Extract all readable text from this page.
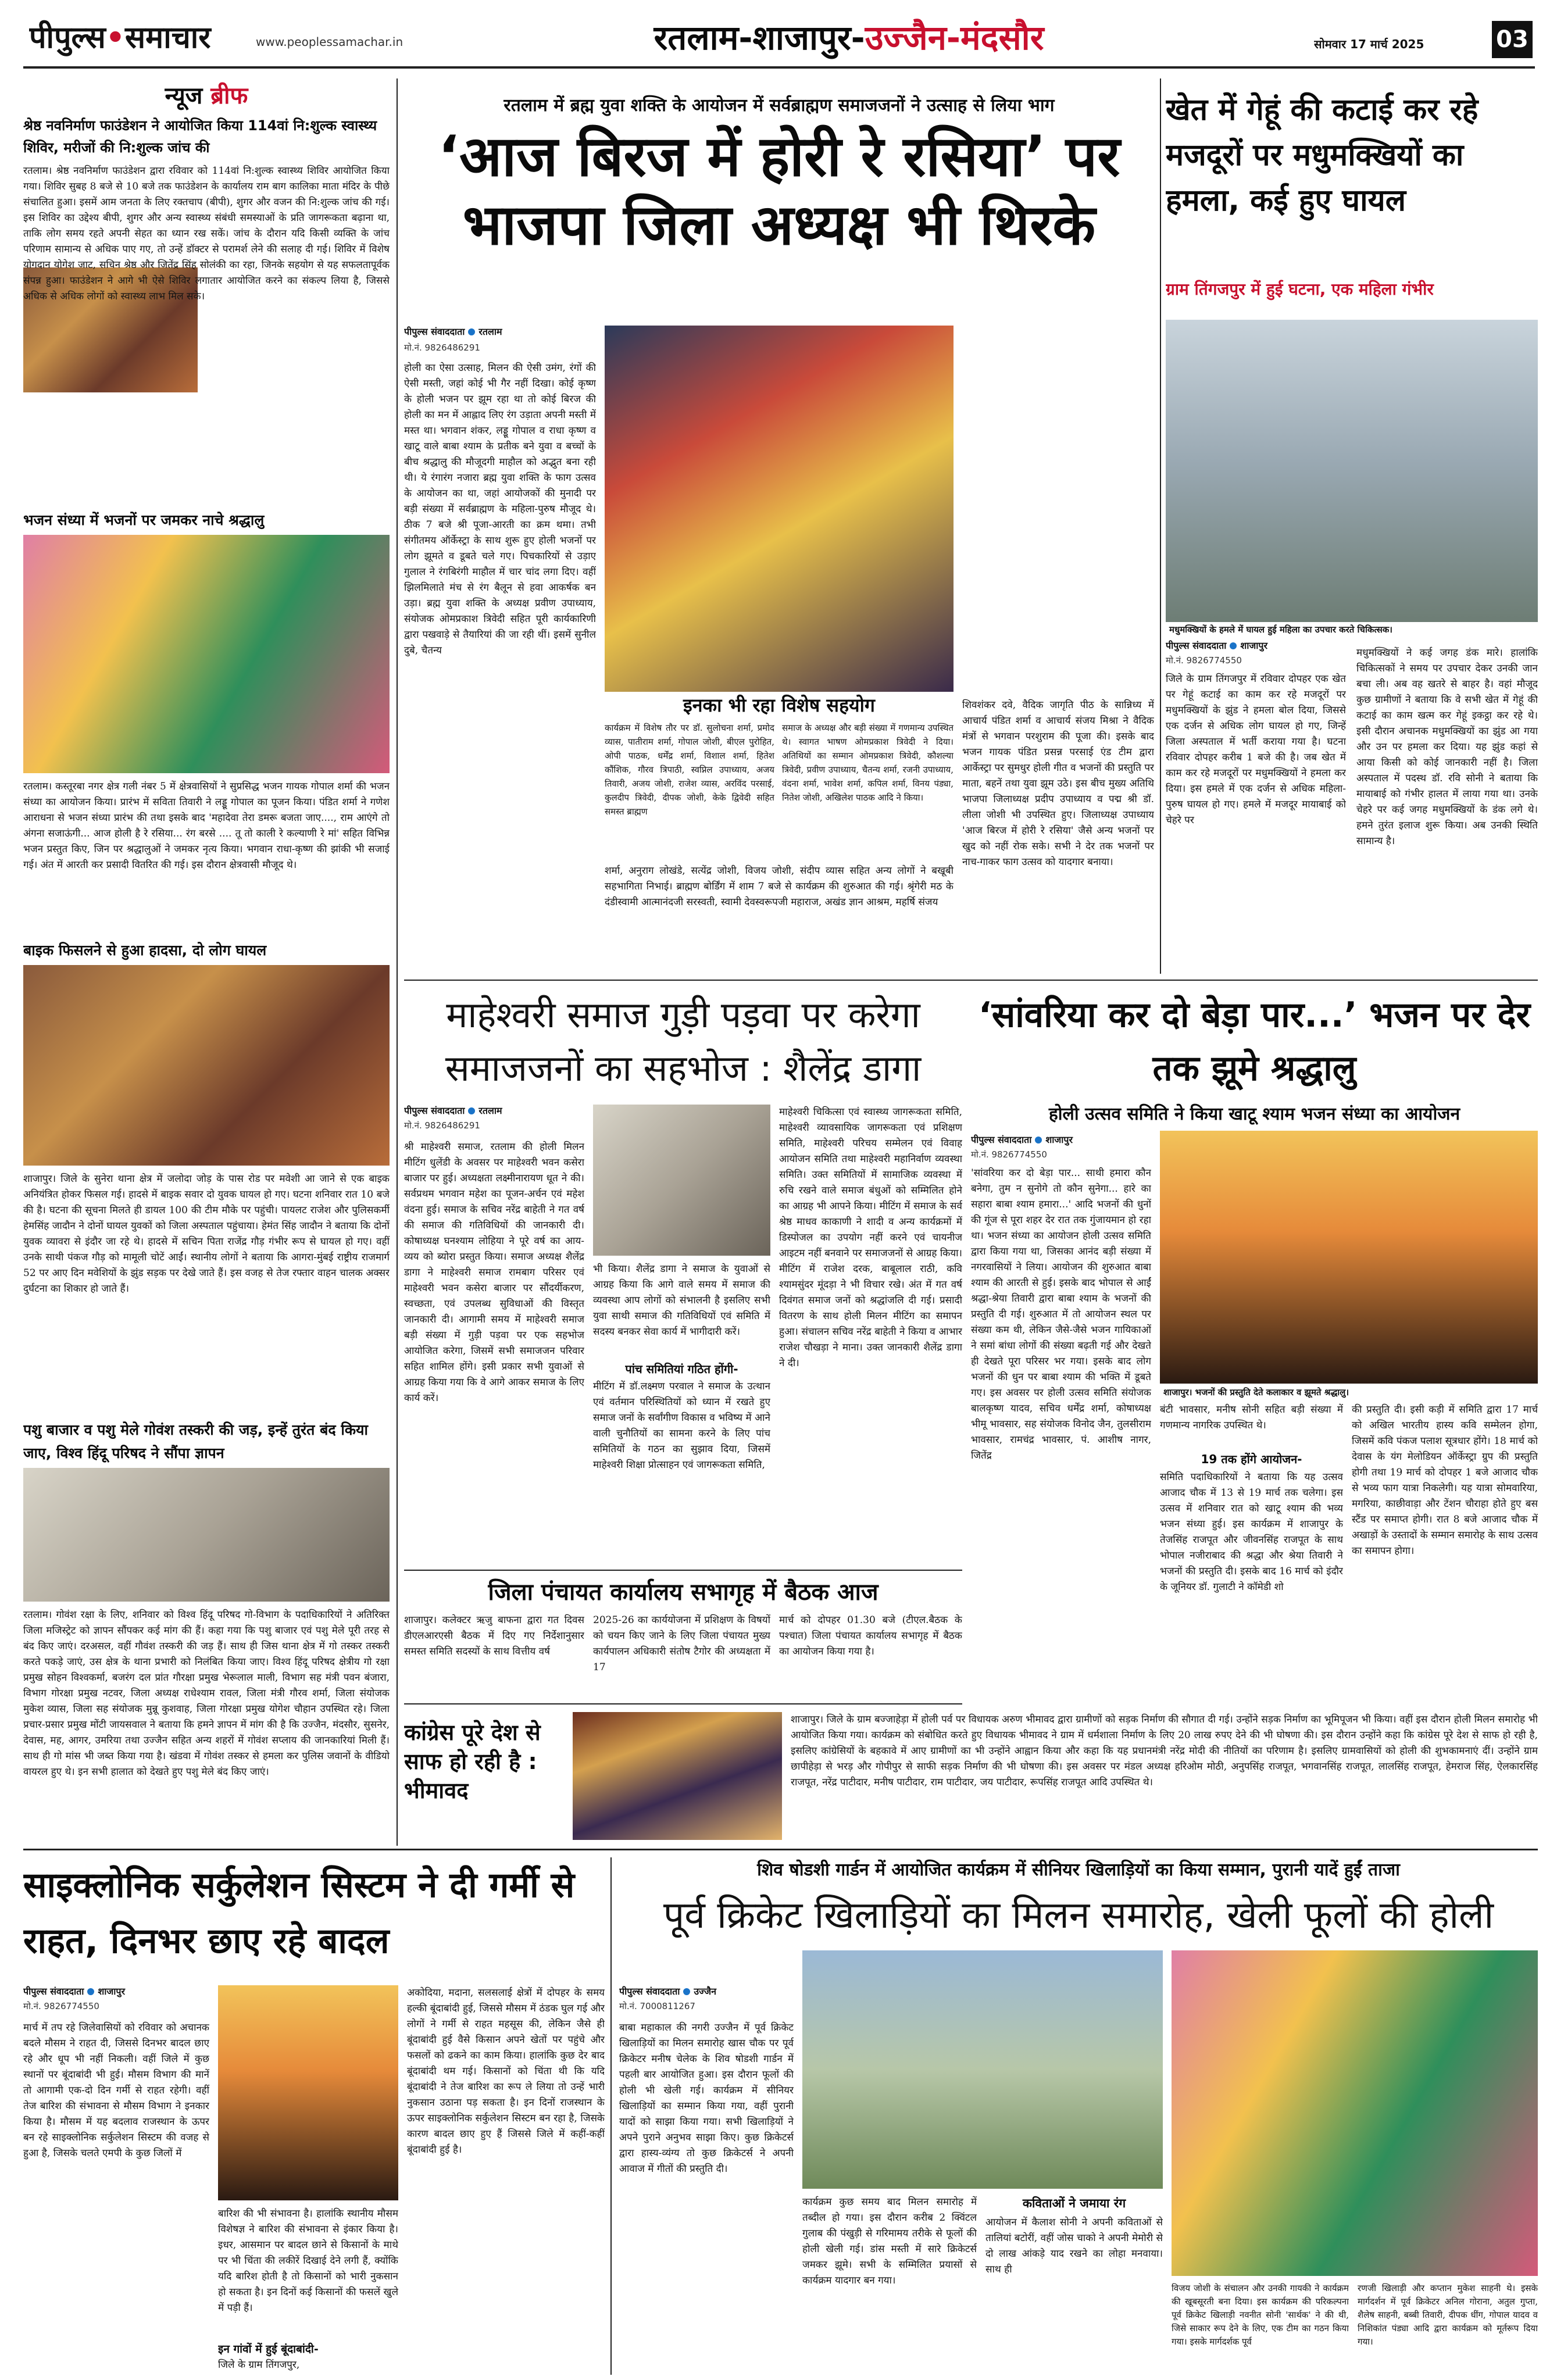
पीपुल्स•समाचार	www.peoplessamachar.in	रतलाम-शाजापुर-उज्जैन-मंदसौर	सोमवार 17 मार्च 2025	03
न्यूज ब्रीफ
श्रेष्ठ नवनिर्माण फाउंडेशन ने आयोजित किया 114वां नि:शुल्क स्वास्थ्य शिविर, मरीजों की नि:शुल्क जांच की
रतलाम। श्रेष्ठ नवनिर्माण फाउंडेशन द्वारा रविवार को 114वां नि:शुल्क स्वास्थ्य शिविर आयोजित किया गया। शिविर सुबह 8 बजे से 10 बजे तक फाउंडेशन के कार्यालय राम बाग कालिका माता मंदिर के पीछे संचालित हुआ। इसमें आम जनता के लिए रक्तचाप (बीपी), शुगर और वजन की नि:शुल्क जांच की गई। इस शिविर का उद्देश्य बीपी, शुगर और अन्य स्वास्थ्य संबंधी समस्याओं के प्रति जागरूकता बढ़ाना था, ताकि लोग समय रहते अपनी सेहत का ध्यान रख सकें। जांच के दौरान यदि किसी व्यक्ति के जांच परिणाम सामान्य से अधिक पाए गए, तो उन्हें डॉक्टर से परामर्श लेने की सलाह दी गई। शिविर में विशेष योगदान योगेश जाट, सचिन श्रेष्ठ और जितेंद्र सिंह सोलंकी का रहा, जिनके सहयोग से यह सफलतापूर्वक संपन्न हुआ। फाउंडेशन ने आगे भी ऐसे शिविर लगातार आयोजित करने का संकल्प लिया है, जिससे अधिक से अधिक लोगों को स्वास्थ्य लाभ मिल सके।
भजन संध्या में भजनों पर जमकर नाचे श्रद्धालु
रतलाम। कस्तूरबा नगर क्षेत्र गली नंबर 5 में क्षेत्रवासियों ने सुप्रसिद्ध भजन गायक गोपाल शर्मा की भजन संध्या का आयोजन किया। प्रारंभ में सविता तिवारी ने लड्डू गोपाल का पूजन किया। पंडित शर्मा ने गणेश आराधना से भजन संध्या प्रारंभ की तथा इसके बाद 'महादेवा तेरा डमरू बजता जाए...., राम आएंगे तो अंगना सजाऊंगी... आज होली है रे रसिया... रंग बरसे .... तू तो काली रे कल्याणी रे मां' सहित विभिन्न भजन प्रस्तुत किए, जिन पर श्रद्धालुओं ने जमकर नृत्य किया। भगवान राधा-कृष्ण की झांकी भी सजाई गई। अंत में आरती कर प्रसादी वितरित की गई। इस दौरान क्षेत्रवासी मौजूद थे।
बाइक फिसलने से हुआ हादसा, दो लोग घायल
शाजापुर। जिले के सुनेरा थाना क्षेत्र में जलोदा जोड़ के पास रोड पर मवेशी आ जाने से एक बाइक अनियंत्रित होकर फिसल गई। हादसे में बाइक सवार दो युवक घायल हो गए। घटना शनिवार रात 10 बजे की है। घटना की सूचना मिलते ही डायल 100 की टीम मौके पर पहुंची। पायलट राजेश और पुलिसकर्मी हेमसिंह जादौन ने दोनों घायल युवकों को जिला अस्पताल पहुंचाया। हेमंत सिंह जादौन ने बताया कि दोनों युवक व्यावरा से इंदौर जा रहे थे। हादसे में सचिन पिता राजेंद्र गौड़ गंभीर रूप से घायल हो गए। वहीं उनके साथी पंकज गौड़ को मामूली चोटें आईं। स्थानीय लोगों ने बताया कि आगरा-मुंबई राष्ट्रीय राजमार्ग 52 पर आए दिन मवेशियों के झुंड सड़क पर देखे जाते हैं। इस वजह से तेज रफ्तार वाहन चालक अक्सर दुर्घटना का शिकार हो जाते हैं।
पशु बाजार व पशु मेले गोवंश तस्करी की जड़, इन्हें तुरंत बंद किया जाए, विश्व हिंदू परिषद ने सौंपा ज्ञापन
रतलाम। गोवंश रक्षा के लिए, शनिवार को विश्व हिंदू परिषद गो-विभाग के पदाधिकारियों ने अतिरिक्त जिला मजिस्ट्रेट को ज्ञापन सौंपकर कई मांग की हैं। कहा गया कि पशु बाजार एवं पशु मेले पूरी तरह से बंद किए जाएं। दरअसल, वहीं गौवंश तस्करी की जड़ हैं। साथ ही जिस थाना क्षेत्र में गो तस्कर तस्करी करते पकड़े जाएं, उस क्षेत्र के थाना प्रभारी को निलंबित किया जाए। विश्व हिंदू परिषद क्षेत्रीय गो रक्षा प्रमुख सोहन विश्वकर्मा, बजरंग दल प्रांत गौरक्षा प्रमुख भेरूलाल माली, विभाग सह मंत्री पवन बंजारा, विभाग गोरक्षा प्रमुख नटवर, जिला अध्यक्ष राधेश्याम रावल, जिला मंत्री गौरव शर्मा, जिला संयोजक मुकेश व्यास, जिला सह संयोजक मुन्नू कुशवाह, जिला गोरक्षा प्रमुख योगेश चौहान उपस्थित रहे। जिला प्रचार-प्रसार प्रमुख मोंटी जायसवाल ने बताया कि हमने ज्ञापन में मांग की है कि उज्जैन, मंदसौर, सुसनेर, देवास, मह, आगर, उमरिया तथा उज्जैन सहित अन्य शहरों में गोवंश सप्लाय की जानकारियां मिली हैं। साथ ही गो मांस भी जब्त किया गया है। खंडवा में गोवंश तस्कर से हमला कर पुलिस जवानों के वीडियो वायरल हुए थे। इन सभी हालात को देखते हुए पशु मेले बंद किए जाएं।
रतलाम में ब्रह्म युवा शक्ति के आयोजन में सर्वब्राह्मण समाजजनों ने उत्साह से लिया भाग
‘आज बिरज में होरी रे रसिया’ पर भाजपा जिला अध्यक्ष भी थिरके
पीपुल्स संवाददाता रतलाम
मो.नं. 9826486291
होली का ऐसा उत्साह, मिलन की ऐसी उमंग, रंगों की ऐसी मस्ती, जहां कोई भी गैर नहीं दिखा। कोई कृष्ण के होली भजन पर झूम रहा था तो कोई बिरज की होली का मन में आह्लाद लिए रंग उड़ाता अपनी मस्ती में मस्त था। भगवान शंकर, लड्डू गोपाल व राधा कृष्ण व खाटू वाले बाबा श्याम के प्रतीक बने युवा व बच्चों के बीच श्रद्धालु की मौजूदगी माहौल को अद्भुत बना रही थी। ये रंगारंग नजारा ब्रह्म युवा शक्ति के फाग उत्सव के आयोजन का था, जहां आयोजकों की मुनादी पर बड़ी संख्या में सर्वब्राह्मण के महिला-पुरुष मौजूद थे। ठीक 7 बजे श्री पूजा-आरती का क्रम थमा। तभी संगीतमय ऑर्केस्ट्रा के साथ शुरू हुए होली भजनों पर लोग झूमते व डूबते चले गए। पिचकारियों से उड़ाए गुलाल ने रंगबिरंगी माहौल में चार चांद लगा दिए। वहीं झिलमिलाते मंच से रंग बैलून से हवा आकर्षक बन उड़ा। ब्रह्म युवा शक्ति के अध्यक्ष प्रवीण उपाध्याय, संयोजक ओमप्रकाश त्रिवेदी सहित पूरी कार्यकारिणी द्वारा पखवाड़े से तैयारियां की जा रही थीं। इसमें सुनील दुबे, चैतन्य
इनका भी रहा विशेष सहयोग
कार्यक्रम में विशेष तौर पर डॉ. सुलोचना शर्मा, प्रमोद व्यास, पातीराम शर्मा, गोपाल जोशी, बीएल पुरोहित, ओपी पाठक, धर्मेंद्र शर्मा, विशाल शर्मा, हितेश कौंशिक, गौरव त्रिपाठी, स्वप्निल उपाध्याय, अजय तिवारी, अजय जोशी, राजेश व्यास, अरविंद परसाई, कुलदीप त्रिवेदी, दीपक जोशी, केके द्विवेदी सहित समस्त ब्राह्मण
समाज के अध्यक्ष और बड़ी संख्या में गणमान्य उपस्थित थे। स्वागत भाषण ओमप्रकाश त्रिवेदी ने दिया। अतिथियों का सम्मान ओमप्रकाश त्रिवेदी, कौशल्या त्रिवेदी, प्रवीण उपाध्याय, चैतन्य शर्मा, रजनी उपाध्याय, वंदना शर्मा, भावेश शर्मा, कपिल शर्मा, विनय पंड्या, नितेश जोशी, अखिलेश पाठक आदि ने किया।
शिवशंकर दवे, वैदिक जागृति पीठ के सान्निध्य में आचार्य पंडित शर्मा व आचार्य संजय मिश्रा ने वैदिक मंत्रों से भगवान परशुराम की पूजा की। इसके बाद भजन गायक पंडित प्रसन्न परसाई एंड टीम द्वारा आर्केस्ट्रा पर सुमधुर होली गीत व भजनों की प्रस्तुति पर माता, बहनें तथा युवा झूम उठे। इस बीच मुख्य अतिथि भाजपा जिलाध्यक्ष प्रदीप उपाध्याय व पद्म श्री डॉ. लीला जोशी भी उपस्थित हुए। जिलाध्यक्ष उपाध्याय 'आज बिरज में होरी रे रसिया' जैसे अन्य भजनों पर खुद को नहीं रोक सके। सभी ने देर तक भजनों पर नाच-गाकर फाग उत्सव को यादगार बनाया।
शर्मा, अनुराग लोखंडे, सत्येंद्र जोशी, विजय जोशी, संदीप व्यास सहित अन्य लोगों ने बखूबी सहभागिता निभाई। ब्राह्मण बोर्डिंग में शाम 7 बजे से कार्यक्रम की शुरुआत की गई। श्रृंगेरी मठ के दंडीस्वामी आत्मानंदजी सरस्वती, स्वामी देवस्वरूपजी महाराज, अखंड ज्ञान आश्रम, महर्षि संजय
खेत में गेहूं की कटाई कर रहे मजदूरों पर मधुमक्खियों का हमला, कई हुए घायल
ग्राम तिंगजपुर में हुई घटना, एक महिला गंभीर
मधुमक्खियों के हमले में घायल हुई महिला का उपचार करते चिकित्सक।
पीपुल्स संवाददाता शाजापुर
मो.नं. 9826774550
जिले के ग्राम तिंगजपुर में रविवार दोपहर एक खेत पर गेहूं कटाई का काम कर रहे मजदूरों पर मधुमक्खियों के झुंड ने हमला बोल दिया, जिससे एक दर्जन से अधिक लोग घायल हो गए, जिन्हें जिला अस्पताल में भर्ती कराया गया है। घटना रविवार दोपहर करीब 1 बजे की है। जब खेत में काम कर रहे मजदूरों पर मधुमक्खियों ने हमला कर दिया। इस हमले में एक दर्जन से अधिक महिला-पुरुष घायल हो गए। हमले में मजदूर मायाबाई को चेहरे पर
मधुमक्खियों ने कई जगह डंक मारे। हालांकि चिकित्सकों ने समय पर उपचार देकर उनकी जान बचा ली। अब वह खतरे से बाहर है। वहां मौजूद कुछ ग्रामीणों ने बताया कि वे सभी खेत में गेहूं की कटाई का काम खत्म कर गेहूं इकट्ठा कर रहे थे। इसी दौरान अचानक मधुमक्खियों का झुंड आ गया और उन पर हमला कर दिया। यह झुंड कहां से आया किसी को कोई जानकारी नहीं है। जिला अस्पताल में पदस्थ डॉ. रवि सोनी ने बताया कि मायाबाई को गंभीर हालत में लाया गया था। उनके चेहरे पर कई जगह मधुमक्खियों के डंक लगे थे। हमने तुरंत इलाज शुरू किया। अब उनकी स्थिति सामान्य है।
माहेश्वरी समाज गुड़ी पड़वा पर करेगा समाजजनों का सहभोज : शैलेंद्र डागा
पीपुल्स संवाददाता रतलाम
मो.नं. 9826486291
श्री माहेश्वरी समाज, रतलाम की होली मिलन मीटिंग धुलेंडी के अवसर पर माहेश्वरी भवन कसेरा बाजार पर हुई। अध्यक्षता लक्ष्मीनारायण धूत ने की। सर्वप्रथम भगवान महेश का पूजन-अर्चन एवं महेश वंदना हुई। समाज के सचिव नरेंद्र बाहेती ने गत वर्ष की समाज की गतिविधियों की जानकारी दी। कोषाध्यक्ष घनश्याम लोहिया ने पूरे वर्ष का आय-व्यय को ब्योरा प्रस्तुत किया। समाज अध्यक्ष शैलेंद्र डागा ने माहेश्वरी समाज रामबाग परिसर एवं माहेश्वरी भवन कसेरा बाजार पर सौंदर्यीकरण, स्वच्छता, एवं उपलब्ध सुविधाओं की विस्तृत जानकारी दी। आगामी समय में माहेश्वरी समाज बड़ी संख्या में गुड़ी पड़वा पर एक सहभोज आयोजित करेगा, जिसमें सभी समाजजन परिवार सहित शामिल होंगे। इसी प्रकार सभी युवाओं से आग्रह किया गया कि वे आगे आकर समाज के लिए कार्य करें।
भी किया। शैलेंद्र डागा ने समाज के युवाओं से आग्रह किया कि आगे वाले समय में समाज की व्यवस्था आप लोगों को संभालनी है इसलिए सभी युवा साथी समाज की गतिविधियों एवं समिति में सदस्य बनकर सेवा कार्य में भागीदारी करें।
पांच समितियां गठित होंगी-
मीटिंग में डॉ.लक्ष्मण परवाल ने समाज के उत्थान एवं वर्तमान परिस्थितियों को ध्यान में रखते हुए समाज जनों के सर्वांगीण विकास व भविष्य में आने वाली चुनौतियों का सामना करने के लिए पांच समितियों के गठन का सुझाव दिया, जिसमें माहेश्वरी शिक्षा प्रोत्साहन एवं जागरूकता समिति,
माहेश्वरी चिकित्सा एवं स्वास्थ्य जागरूकता समिति, माहेश्वरी व्यावसायिक जागरूकता एवं प्रशिक्षण समिति, माहेश्वरी परिचय सम्मेलन एवं विवाह आयोजन समिति तथा माहेश्वरी महानिर्वाण व्यवस्था समिति। उक्त समितियों में सामाजिक व्यवस्था में रुचि रखने वाले समाज बंधुओं को सम्मिलित होने का आग्रह भी आपने किया। मीटिंग में समाज के सर्व श्रेष्ठ माधव काकाणी ने शादी व अन्य कार्यक्रमों में डिस्पोजल का उपयोग नहीं करने एवं चायनीज आइटम नहीं बनवाने पर समाजजनों से आग्रह किया। मीटिंग में राजेश दरक, बाबूलाल राठी, कवि श्यामसुंदर मूंदड़ा ने भी विचार रखे। अंत में गत वर्ष दिवंगत समाज जनों को श्रद्धांजलि दी गई। प्रसादी वितरण के साथ होली मिलन मीटिंग का समापन हुआ। संचालन सचिव नरेंद्र बाहेती ने किया व आभार राजेश चौखड़ा ने माना। उक्त जानकारी शैलेंद्र डागा ने दी।
‘सांवरिया कर दो बेड़ा पार...’ भजन पर देर तक झूमे श्रद्धालु
होली उत्सव समिति ने किया खाटू श्याम भजन संध्या का आयोजन
पीपुल्स संवाददाता शाजापुर
मो.नं. 9826774550
'सांवरिया कर दो बेड़ा पार... साथी हमारा कौन बनेगा, तुम न सुनोगे तो कौन सुनेगा... हारे का सहारा बाबा श्याम हमारा...' आदि भजनों की धुनों की गूंज से पूरा शहर देर रात तक गुंजायमान हो रहा था। भजन संध्या का आयोजन होली उत्सव समिति द्वारा किया गया था, जिसका आनंद बड़ी संख्या में नगरवासियों ने लिया। आयोजन की शुरुआत बाबा श्याम की आरती से हुई। इसके बाद भोपाल से आईं श्रद्धा-श्रेया तिवारी द्वारा बाबा श्याम के भजनों की प्रस्तुति दी गई। शुरुआत में तो आयोजन स्थल पर संख्या कम थी, लेकिन जैसे-जैसे भजन गायिकाओं ने समां बांधा लोगों की संख्या बढ़ती गई और देखते ही देखते पूरा परिसर भर गया। इसके बाद लोग भजनों की धुन पर बाबा श्याम की भक्ति में डूबते गए। इस अवसर पर होली उत्सव समिति संयोजक बालकृष्ण यादव, सचिव धर्मेंद्र शर्मा, कोषाध्यक्ष भीमू भावसार, सह संयोजक विनोद जैन, तुलसीराम भावसार, रामचंद्र भावसार, पं. आशीष नागर, जितेंद्र
शाजापुर। भजनों की प्रस्तुति देते कलाकार व झूमते श्रद्धालु।
बंटी भावसार, मनीष सोनी सहित बड़ी संख्या में गणमान्य नागरिक उपस्थित थे।
19 तक होंगे आयोजन-
समिति पदाधिकारियों ने बताया कि यह उत्सव आजाद चौक में 13 से 19 मार्च तक चलेगा। इस उत्सव में शनिवार रात को खाटू श्याम की भव्य भजन संध्या हुई। इस कार्यक्रम में शाजापुर के तेजसिंह राजपूत और जीवनसिंह राजपूत के साथ भोपाल नजीराबाद की श्रद्धा और श्रेया तिवारी ने भजनों की प्रस्तुति दी। इसके बाद 16 मार्च को इंदौर के जूनियर डॉ. गुलाटी ने कॉमेडी शो
की प्रस्तुति दी। इसी कड़ी में समिति द्वारा 17 मार्च को अखिल भारतीय हास्य कवि सम्मेलन होगा, जिसमें कवि पंकज पलाश सूत्रधार होंगे। 18 मार्च को देवास के यंग मेलोडियन ऑर्केस्ट्रा ग्रुप की प्रस्तुति होगी तथा 19 मार्च को दोपहर 1 बजे आजाद चौक से भव्य फाग यात्रा निकलेगी। यह यात्रा सोमवारिया, मगरिया, काछीवाड़ा और टेंशन चौराहा होते हुए बस स्टैंड पर समाप्त होगी। रात 8 बजे आजाद चौक में अखाड़ों के उस्तादों के सम्मान समारोह के साथ उत्सव का समापन होगा।
जिला पंचायत कार्यालय सभागृह में बैठक आज
शाजापुर। कलेक्टर ऋजु बाफना द्वारा गत दिवस डीएलआरएसी बैठक में दिए गए निर्देशानुसार समस्त समिति सदस्यों के साथ वित्तीय वर्ष
2025-26 का कार्ययोजना में प्रशिक्षण के विषयों को चयन किए जाने के लिए जिला पंचायत मुख्य कार्यपालन अधिकारी संतोष टैगोर की अध्यक्षता में 17
मार्च को दोपहर 01.30 बजे (टीएल.बैठक के पश्चात) जिला पंचायत कार्यालय सभागृह में बैठक का आयोजन किया गया है।
कांग्रेस पूरे देश से साफ हो रही है : भीमावद
शाजापुर। जिले के ग्राम बज्जाहेड़ा में होली पर्व पर विधायक अरुण भीमावद द्वारा ग्रामीणों को सड़क निर्माण की सौगात दी गई। उन्होंने सड़क निर्माण का भूमिपूजन भी किया। वहीं इस दौरान होली मिलन समारोह भी आयोजित किया गया। कार्यक्रम को संबोधित करते हुए विधायक भीमावद ने ग्राम में धर्मशाला निर्माण के लिए 20 लाख रुपए देने की भी घोषणा की। इस दौरान उन्होंने कहा कि कांग्रेस पूरे देश से साफ हो रही है, इसलिए कांग्रेसियों के बहकावे में आए ग्रामीणों का भी उन्होंने आह्वान किया और कहा कि यह प्रधानमंत्री नरेंद्र मोदी की नीतियों का परिणाम है। इसलिए ग्रामवासियों को होली की शुभकामनाएं दीं। उन्होंने ग्राम छापीहेड़ा से भरड़ और गोपीपुर से साफी सड़क निर्माण की भी घोषणा की। इस अवसर पर मंडल अध्यक्ष हरिओम मोठी, अनुपसिंह राजपूत, भगवानसिंह राजपूत, लालसिंह राजपूत, हेमराज सिंह, ऐलकारसिंह राजपूत, नरेंद्र पाटीदार, मनीष पाटीदार, राम पाटीदार, जय पाटीदार, रूपसिंह राजपूत आदि उपस्थित थे।
साइक्लोनिक सर्कुलेशन सिस्टम ने दी गर्मी से राहत, दिनभर छाए रहे बादल
पीपुल्स संवाददाता शाजापुर
मो.नं. 9826774550
मार्च में तप रहे जिलेवासियों को रविवार को अचानक बदले मौसम ने राहत दी, जिससे दिनभर बादल छाए रहे और धूप भी नहीं निकली। वहीं जिले में कुछ स्थानों पर बूंदाबांदी भी हुई। मौसम विभाग की मानें तो आगामी एक-दो दिन गर्मी से राहत रहेगी। वहीं तेज बारिश की संभावना से मौसम विभाग ने इनकार किया है। मौसम में यह बदलाव राजस्थान के ऊपर बन रहे साइक्लोनिक सर्कुलेशन सिस्टम की वजह से हुआ है, जिसके चलते एमपी के कुछ जिलों में
बारिश की भी संभावना है। हालांकि स्थानीय मौसम विशेषज्ञ ने बारिश की संभावना से इंकार किया है। इधर, आसमान पर बादल छाने से किसानों के माथे पर भी चिंता की लकीरें दिखाई देने लगी हैं, क्योंकि यदि बारिश होती है तो किसानों को भारी नुकसान हो सकता है। इन दिनों कई किसानों की फसलें खुले में पड़ी हैं।
इन गांवों में हुई बूंदाबांदी-
जिले के ग्राम तिंगजपुर,
अकोदिया, मदाना, सलसलाई क्षेत्रों में दोपहर के समय हल्की बूंदाबांदी हुई, जिससे मौसम में ठंडक घुल गई और लोगों ने गर्मी से राहत महसूस की, लेकिन जैसे ही बूंदाबांदी हुई वैसे किसान अपने खेतों पर पहुंचे और फसलों को ढकने का काम किया। हालांकि कुछ देर बाद बूंदाबांदी थम गई। किसानों को चिंता थी कि यदि बूंदाबांदी ने तेज बारिश का रूप ले लिया तो उन्हें भारी नुकसान उठाना पड़ सकता है। इन दिनों राजस्थान के ऊपर साइक्लोनिक सर्कुलेशन सिस्टम बन रहा है, जिसके कारण बादल छाए हुए हैं जिससे जिले में कहीं-कहीं बूंदाबांदी हुई है।
शिव षोडशी गार्डन में आयोजित कार्यक्रम में सीनियर खिलाड़ियों का किया सम्मान, पुरानी यादें हुईं ताजा
पूर्व क्रिकेट खिलाड़ियों का मिलन समारोह, खेली फूलों की होली
पीपुल्स संवाददाता उज्जैन
मो.नं. 7000811267
बाबा महाकाल की नगरी उज्जैन में पूर्व क्रिकेट खिलाड़ियों का मिलन समारोह खास चौक पर पूर्व क्रिकेटर मनीष चेलेक के शिव षोडशी गार्डन में पहली बार आयोजित हुआ। इस दौरान फूलों की होली भी खेली गई। कार्यक्रम में सीनियर खिलाड़ियों का सम्मान किया गया, वहीं पुरानी यादों को साझा किया गया। सभी खिलाड़ियों ने अपने पुराने अनुभव साझा किए। कुछ क्रिकेटर्स द्वारा हास्य-व्यंग्य तो कुछ क्रिकेटर्स ने अपनी आवाज में गीतों की प्रस्तुति दी।
कार्यक्रम कुछ समय बाद मिलन समारोह में तब्दील हो गया। इस दौरान करीब 2 क्विंटल गुलाब की पंखुड़ी से गरिमामय तरीके से फूलों की होली खेली गई। डांस मस्ती में सारे क्रिकेटर्स जमकर झूमे। सभी के सम्मिलित प्रयासों से कार्यक्रम यादगार बन गया।
कविताओं ने जमाया रंग
आयोजन में कैलाश सोनी ने अपनी कविताओं से तालियां बटोरीं, वहीं जोस चाको ने अपनी मेमोरी से दो लाख आंकड़े याद रखने का लोहा मनवाया। साथ ही
विजय जोशी के संचालन और उनकी गायकी ने कार्यक्रम की खूबसूरती बना दिया। इस कार्यक्रम की परिकल्पना पूर्व क्रिकेट खिलाड़ी नवनीत सोनी 'सार्थक' ने की थी, जिसे साकार रूप देने के लिए, एक टीम का गठन किया गया। इसके मार्गदर्शक पूर्व
रणजी खिलाड़ी और कप्तान मुकेश साहनी थे। इसके मार्गदर्शन में पूर्व क्रिकेटर अनिल गोराना, अतुल गुप्ता, शैलेष साहनी, बब्बी तिवारी, दीपक धींग, गोपाल यादव व निशिकांत पंड्या आदि द्वारा कार्यक्रम को मूर्तरूप दिया गया।
